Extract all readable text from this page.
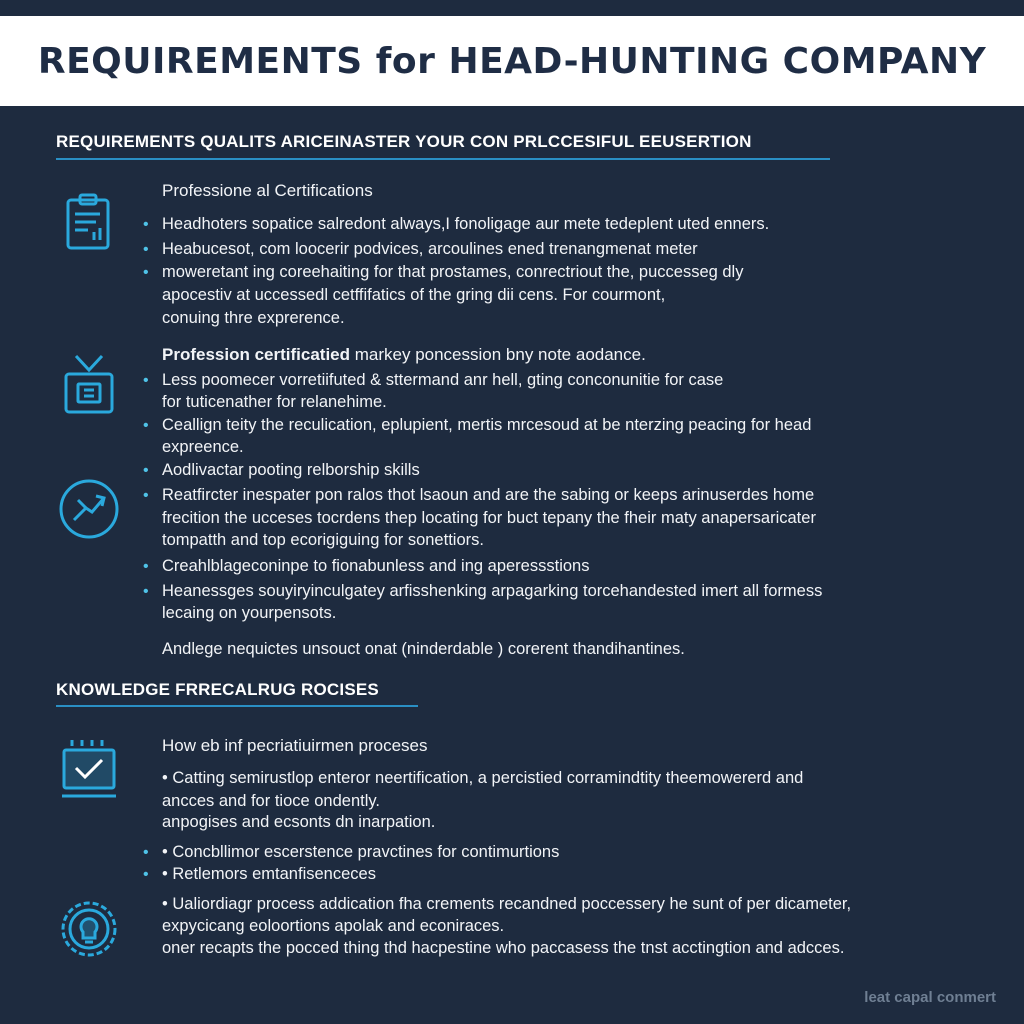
REQUIREMENTS for HEAD-HUNTING COMPANY
REQUIREMENTS QUALITS ARICEINASTER YOUR CON PRLCCESIFUL EEUSERTION
Professione al Certifications
• Headhoters sopatice salredont always,I fonoligage aur mete tedeplent uted enners.
• Heabucesot, com loocerir podvices, arcoulines ened trenangmenat meter
• moweretant ing coreehaiting for that prostames, conrectriout the, puccesseg dly
apocestiv at uccessedl cetffifatics of the gring dii cens. For courmont,
conuing thre exprerence.
Profession certificatied markey poncession bny note aodance.
• Less poomecer vorretiifuted & sttermand anr hell, gting conconunitie for case
for tuticenather for relanehime.
• Ceallign teity the reculication, eplupient, mertis mrcesoud at be nterzing peacing for head
expreence.
• Aodlivactar pooting relborship skills
• Reatfircter inespater pon ralos thot lsaoun and are the sabing or keeps arinuserdes home
frecition the ucceses tocrdens thep locating for buct tepany the fheir maty anapersaricater
tompatth and top ecorigiguing for sonettiors.
• Creahlblageconinpe to fionabunless and ing aperessstions
• Heanessges souyiryinculgatey arfisshenking arpagarking torcehandested imert all formess
lecaing on yourpensots.
Andlege nequictes unsouct onat (ninderdable ) corerent thandihantines.
KNOWLEDGE FRRECALRUG ROCISES
How eb inf pecriatiuirmen proceses
• Catting semirustlop enteror neertification, a percistied corramindtity theemowererd and
ancces and for tioce ondently.
anpogises and ecsonts dn inarpation.
• • Concbllimor escerstence pravctines for contimurtions
• • Retlemors emtanfisenceces
• Ualiordiagr process addication fha crements recandned poccessery he sunt of per dicameter,
expycicang eoloortions apolak and econiraces.
oner recapts the pocced thing thd hacpestine who paccasess the tnst acctingtion and adcces.
leat capal conmert
